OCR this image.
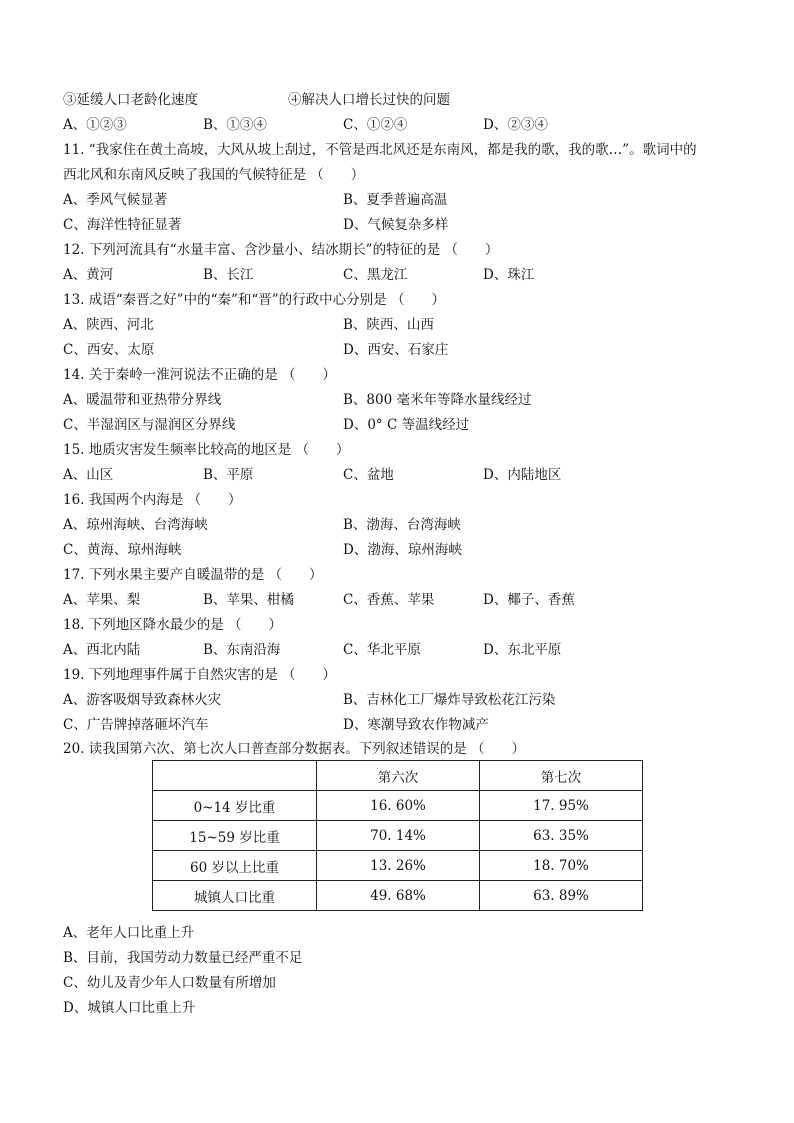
③延缓人口老龄化速度	④解决人口增长过快的问题
A、①②③	B、①③④	C、①②④	D、②③④
11. “我家住在黄土高坡，大风从坡上刮过，不管是西北风还是东南风，都是我的歌，我的歌…”。歌词中的
西北风和东南风反映了我国的气候特征是 （　　）
A、季风气候显著	B、夏季普遍高温
C、海洋性特征显著	D、气候复杂多样
12. 下列河流具有“水量丰富、含沙量小、结冰期长”的特征的是 （　　）
A、黄河	B、长江	C、黑龙江	D、珠江
13. 成语“秦晋之好”中的“秦”和“晋”的行政中心分别是 （　　）
A、陕西、河北	B、陕西、山西
C、西安、太原	D、西安、石家庄
14. 关于秦岭一淮河说法不正确的是 （　　）
A、暖温带和亚热带分界线	B、800 毫米年等降水量线经过
C、半湿润区与湿润区分界线	D、0° C 等温线经过
15. 地质灾害发生频率比较高的地区是 （　　）
A、山区	B、平原	C、盆地	D、内陆地区
16. 我国两个内海是 （　　）
A、琼州海峡、台湾海峡	B、渤海、台湾海峡
C、黄海、琼州海峡	D、渤海、琼州海峡
17. 下列水果主要产自暖温带的是 （　　）
A、苹果、梨	B、苹果、柑橘	C、香蕉、苹果	D、椰子、香蕉
18. 下列地区降水最少的是 （　　）
A、西北内陆	B、东南沿海	C、华北平原	D、东北平原
19. 下列地理事件属于自然灾害的是 （　　）
A、游客吸烟导致森林火灾	B、吉林化工厂爆炸导致松花江污染
C、广告牌掉落砸坏汽车	D、寒潮导致农作物减产
20. 读我国第六次、第七次人口普查部分数据表。下列叙述错误的是 （　　）
	第六次	第七次
0~14 岁比重	16. 60%	17. 95%
15~59 岁比重	70. 14%	63. 35%
60 岁以上比重	13. 26%	18. 70%
城镇人口比重	49. 68%	63. 89%
A、老年人口比重上升
B、目前，我国劳动力数量已经严重不足
C、幼儿及青少年人口数量有所增加
D、城镇人口比重上升
